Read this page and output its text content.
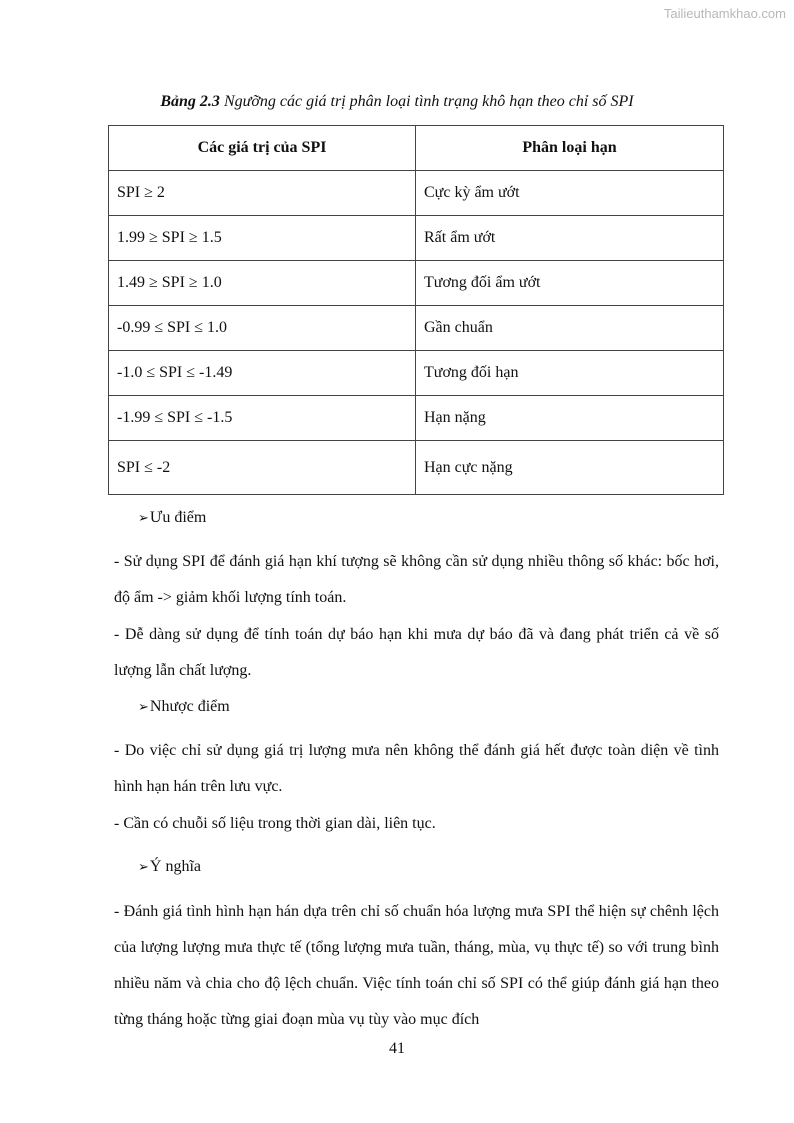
Tailieuthamkhao.com
Bảng 2.3 Ngưỡng các giá trị phân loại tình trạng khô hạn theo chỉ số SPI
Các giá trị của SPI	Phân loại hạn
SPI ≥ 2	Cực kỳ ẩm ướt
1.99 ≥ SPI ≥ 1.5	Rất ẩm ướt
1.49 ≥ SPI ≥ 1.0	Tương đối ẩm ướt
-0.99 ≤ SPI ≤ 1.0	Gần chuẩn
-1.0 ≤ SPI ≤ -1.49	Tương đối hạn
-1.99 ≤ SPI ≤ -1.5	Hạn nặng
SPI ≤ -2	Hạn cực nặng
➢Ưu điểm
- Sử dụng SPI để đánh giá hạn khí tượng sẽ không cần sử dụng nhiều thông số khác: bốc hơi, độ ẩm -> giảm khối lượng tính toán.
- Dễ dàng sử dụng để tính toán dự báo hạn khi mưa dự báo đã và đang phát triển cả về số lượng lẫn chất lượng.
➢Nhược điểm
- Do việc chỉ sử dụng giá trị lượng mưa nên không thể đánh giá hết được toàn diện về tình hình hạn hán trên lưu vực.
- Cần có chuỗi số liệu trong thời gian dài, liên tục.
➢Ý nghĩa
- Đánh giá tình hình hạn hán dựa trên chỉ số chuẩn hóa lượng mưa SPI thể hiện sự chênh lệch của lượng lượng mưa thực tế (tổng lượng mưa tuần, tháng, mùa, vụ thực tế) so với trung bình nhiều năm và chia cho độ lệch chuẩn. Việc tính toán chỉ số SPI có thể giúp đánh giá hạn theo từng tháng hoặc từng giai đoạn mùa vụ tùy vào mục đích
41
